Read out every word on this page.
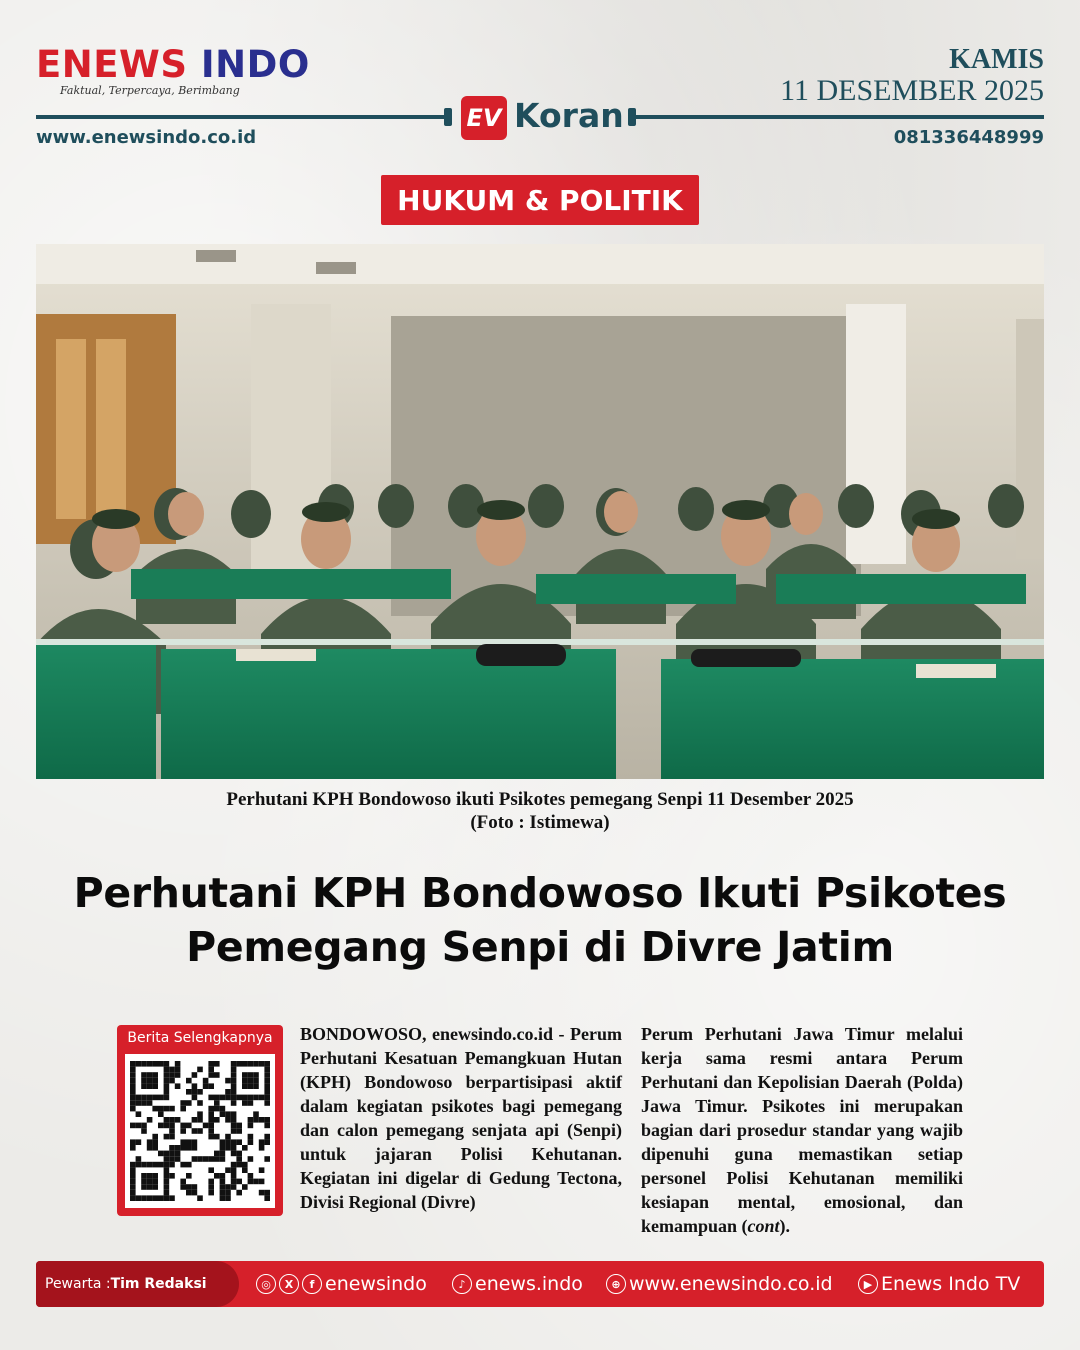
ENEWS INDO
Faktual, Terpercaya, Berimbang
KAMIS
11 DESEMBER 2025
EV Koran
www.enewsindo.co.id	081336448999
HUKUM & POLITIK
Perhutani KPH Bondowoso ikuti Psikotes pemegang Senpi 11 Desember 2025
(Foto : Istimewa)
Perhutani KPH Bondowoso Ikuti Psikotes
Pemegang Senpi di Divre Jatim
Berita Selengkapnya	BONDOWOSO, enewsindo.co.id - Perum Perhutani Kesatuan Pemangkuan Hutan (KPH) Bondowoso berpartisipasi aktif dalam kegiatan psikotes bagi pemegang dan calon pemegang senjata api (Senpi) untuk jajaran Polisi Kehutanan. Kegiatan ini digelar di Gedung Tectona, Divisi Regional (Divre)
Perum Perhutani Jawa Timur melalui kerja sama resmi antara Perum Perhutani dan Kepolisian Daerah (Polda) Jawa Timur. Psikotes ini merupakan bagian dari prosedur standar yang wajib dipenuhi guna memastikan setiap personel Polisi Kehutanan memiliki kesiapan mental, emosional, dan kemampuan (cont).
Pewarta : Tim Redaksi	◎	X	f enewsindo	♪ enews.indo	⊕ www.enewsindo.co.id	▶ Enews Indo TV
